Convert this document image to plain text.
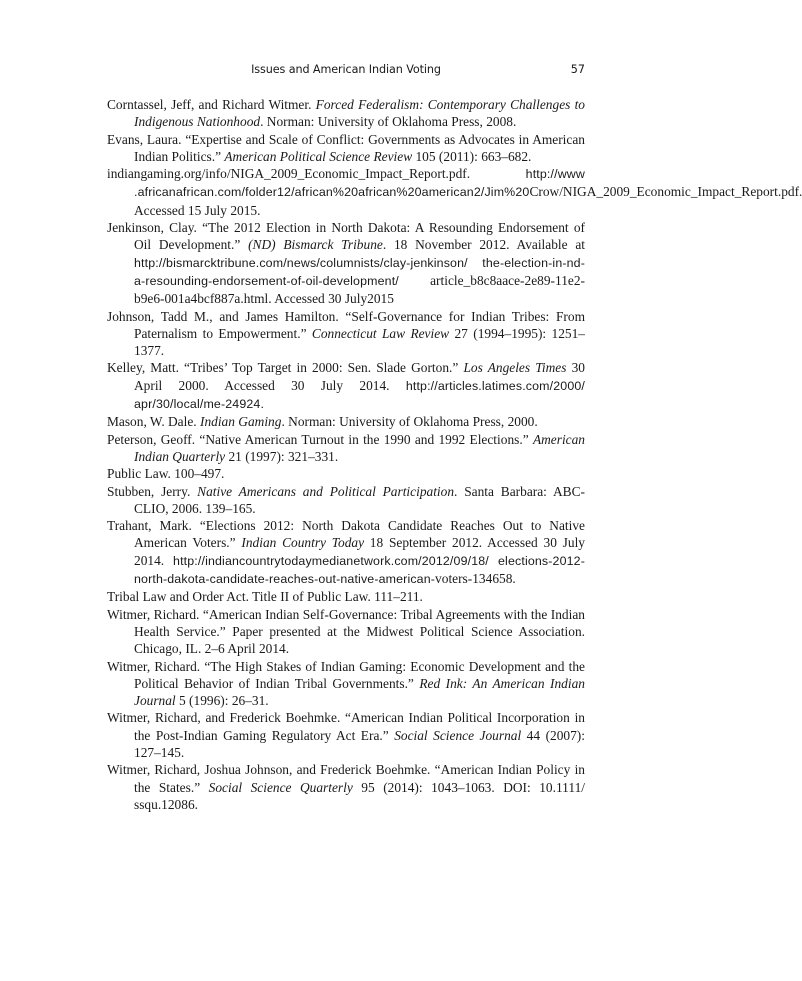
Issues and American Indian Voting	57
Corntassel, Jeff, and Richard Witmer. Forced Federalism: Contemporary Challenges to Indigenous Nationhood. Norman: University of Oklahoma Press, 2008.
Evans, Laura. “Expertise and Scale of Conflict: Governments as Advocates in American Indian Politics.” American Political Science Review 105 (2011): 663–682.
indiangaming.org/info/NIGA_2009_Economic_Impact_Report.pdf. http://www .africanafrican.com/folder12/african%20african%20american2/Jim%20Crow/NIGA_2009_Economic_Impact_Report.pdf. Accessed 15 July 2015.
Jenkinson, Clay. “The 2012 Election in North Dakota: A Resounding Endorsement of Oil Development.” (ND) Bismarck Tribune. 18 November 2012. Available at http://bismarcktribune.com/news/columnists/clay-jenkinson/ the-election-in-nd-a-resounding-endorsement-of-oil-development/ article_b8c8aace-2e89-11e2-b9e6-001a4bcf887a.html. Accessed 30 July2015
Johnson, Tadd M., and James Hamilton. “Self-Governance for Indian Tribes: From Paternalism to Empowerment.” Connecticut Law Review 27 (1994–1995): 1251–1377.
Kelley, Matt. “Tribes’ Top Target in 2000: Sen. Slade Gorton.” Los Angeles Times 30 April 2000. Accessed 30 July 2014. http://articles.latimes.com/2000/ apr/30/local/me-24924.
Mason, W. Dale. Indian Gaming. Norman: University of Oklahoma Press, 2000.
Peterson, Geoff. “Native American Turnout in the 1990 and 1992 Elections.” American Indian Quarterly 21 (1997): 321–331.
Public Law. 100–497.
Stubben, Jerry. Native Americans and Political Participation. Santa Barbara: ABC-CLIO, 2006. 139–165.
Trahant, Mark. “Elections 2012: North Dakota Candidate Reaches Out to Native American Voters.” Indian Country Today 18 September 2012. Accessed 30 July 2014. http://indiancountrytodaymedianetwork.com/2012/09/18/ elections-2012-north-dakota-candidate-reaches-out-native-american-voters-134658.
Tribal Law and Order Act. Title II of Public Law. 111–211.
Witmer, Richard. “American Indian Self-Governance: Tribal Agreements with the Indian Health Service.” Paper presented at the Midwest Political Science Association. Chicago, IL. 2–6 April 2014.
Witmer, Richard. “The High Stakes of Indian Gaming: Economic Development and the Political Behavior of Indian Tribal Governments.” Red Ink: An American Indian Journal 5 (1996): 26–31.
Witmer, Richard, and Frederick Boehmke. “American Indian Political Incorporation in the Post-Indian Gaming Regulatory Act Era.” Social Science Journal 44 (2007): 127–145.
Witmer, Richard, Joshua Johnson, and Frederick Boehmke. “American Indian Policy in the States.” Social Science Quarterly 95 (2014): 1043–1063. DOI: 10.1111/ ssqu.12086.
